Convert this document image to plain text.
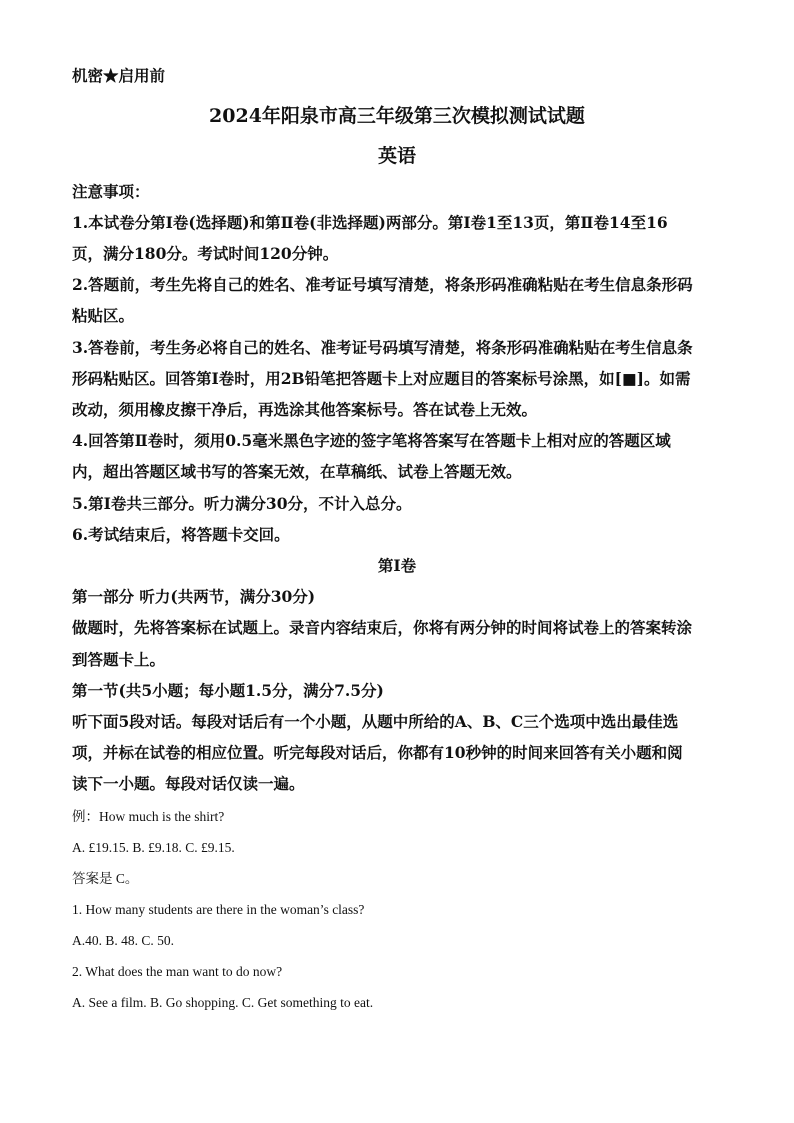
机密★启用前
2024年阳泉市高三年级第三次模拟测试试题
英语
注意事项：
1.本试卷分第Ⅰ卷(选择题)和第Ⅱ卷(非选择题)两部分。第Ⅰ卷1至13页，第Ⅱ卷14至16
页，满分180分。考试时间120分钟。
2.答题前，考生先将自己的姓名、准考证号填写清楚，将条形码准确粘贴在考生信息条形码
粘贴区。
3.答卷前，考生务必将自己的姓名、准考证号码填写清楚，将条形码准确粘贴在考生信息条
形码粘贴区。回答第Ⅰ卷时，用2B铅笔把答题卡上对应题目的答案标号涂黑，如[■]。如需
改动，须用橡皮擦干净后，再选涂其他答案标号。答在试卷上无效。
4.回答第Ⅱ卷时，须用0.5毫米黑色字迹的签字笔将答案写在答题卡上相对应的答题区域
内，超出答题区域书写的答案无效，在草稿纸、试卷上答题无效。
5.第Ⅰ卷共三部分。听力满分30分，不计入总分。
6.考试结束后，将答题卡交回。
第Ⅰ卷
第一部分 听力(共两节，满分30分)
做题时，先将答案标在试题上。录音内容结束后，你将有两分钟的时间将试卷上的答案转涂
到答题卡上。
第一节(共5小题；每小题1.5分，满分7.5分)
听下面5段对话。每段对话后有一个小题，从题中所给的A、B、C三个选项中选出最佳选
项，并标在试卷的相应位置。听完每段对话后，你都有10秒钟的时间来回答有关小题和阅
读下一小题。每段对话仅读一遍。
例：How much is the shirt?
A. £19.15. B. £9.18. C. £9.15.
答案是 C。
1. How many students are there in the woman’s class?
A.40. B. 48. C. 50.
2. What does the man want to do now?
A. See a film. B. Go shopping. C. Get something to eat.
